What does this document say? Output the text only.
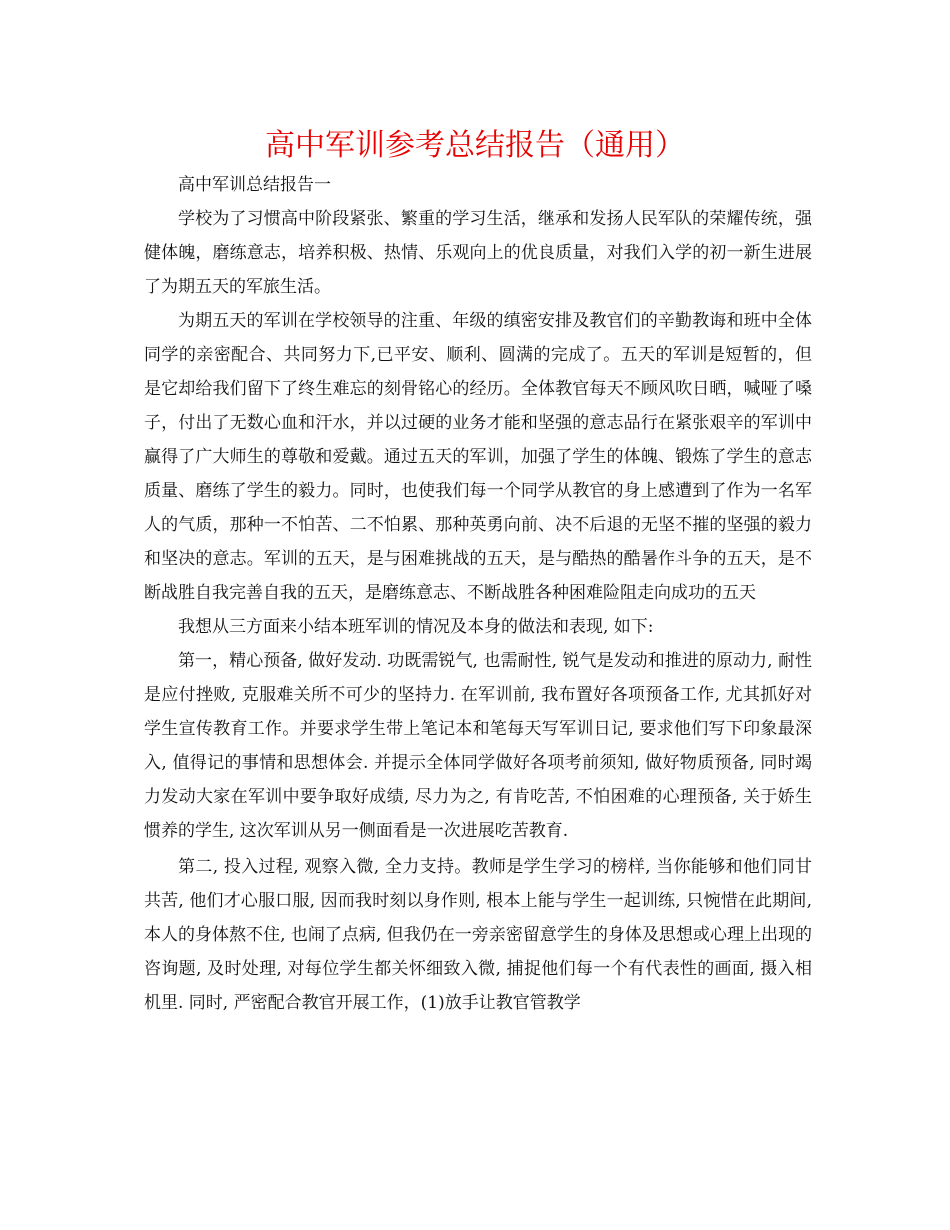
高中军训参考总结报告（通用）

高中军训总结报告一

学校为了习惯高中阶段紧张、繁重的学习生活，继承和发扬人民军队的荣耀传统，强健体魄，磨练意志，培养积极、热情、乐观向上的优良质量，对我们入学的初一新生进展了为期五天的军旅生活。

为期五天的军训在学校领导的注重、年级的缜密安排及教官们的辛勤教诲和班中全体同学的亲密配合、共同努力下,已平安、顺利、圆满的完成了。五天的军训是短暂的，但是它却给我们留下了终生难忘的刻骨铭心的经历。全体教官每天不顾风吹日晒，喊哑了嗓子，付出了无数心血和汗水，并以过硬的业务才能和坚强的意志品行在紧张艰辛的军训中赢得了广大师生的尊敬和爱戴。通过五天的军训，加强了学生的体魄、锻炼了学生的意志质量、磨练了学生的毅力。同时，也使我们每一个同学从教官的身上感遭到了作为一名军人的气质，那种一不怕苦、二不怕累、那种英勇向前、决不后退的无坚不摧的坚强的毅力和坚决的意志。军训的五天，是与困难挑战的五天，是与酷热的酷暑作斗争的五天，是不断战胜自我完善自我的五天，是磨练意志、不断战胜各种困难险阻走向成功的五天

我想从三方面来小结本班军训的情况及本身的做法和表现, 如下:

第一，精心预备, 做好发动. 功既需锐气, 也需耐性, 锐气是发动和推进的原动力, 耐性是应付挫败, 克服难关所不可少的坚持力. 在军训前, 我布置好各项预备工作, 尤其抓好对学生宣传教育工作。并要求学生带上笔记本和笔每天写军训日记, 要求他们写下印象最深入, 值得记的事情和思想体会. 并提示全体同学做好各项考前须知, 做好物质预备, 同时竭力发动大家在军训中要争取好成绩, 尽力为之, 有肯吃苦, 不怕困难的心理预备, 关于娇生惯养的学生, 这次军训从另一侧面看是一次进展吃苦教育.

第二, 投入过程, 观察入微, 全力支持。教师是学生学习的榜样, 当你能够和他们同甘共苦, 他们才心服口服, 因而我时刻以身作则, 根本上能与学生一起训练, 只惋惜在此期间, 本人的身体熬不住, 也闹了点病, 但我仍在一旁亲密留意学生的身体及思想或心理上出现的咨询题, 及时处理, 对每位学生都关怀细致入微, 捕捉他们每一个有代表性的画面, 摄入相机里. 同时, 严密配合教官开展工作，(1)放手让教官管教学
